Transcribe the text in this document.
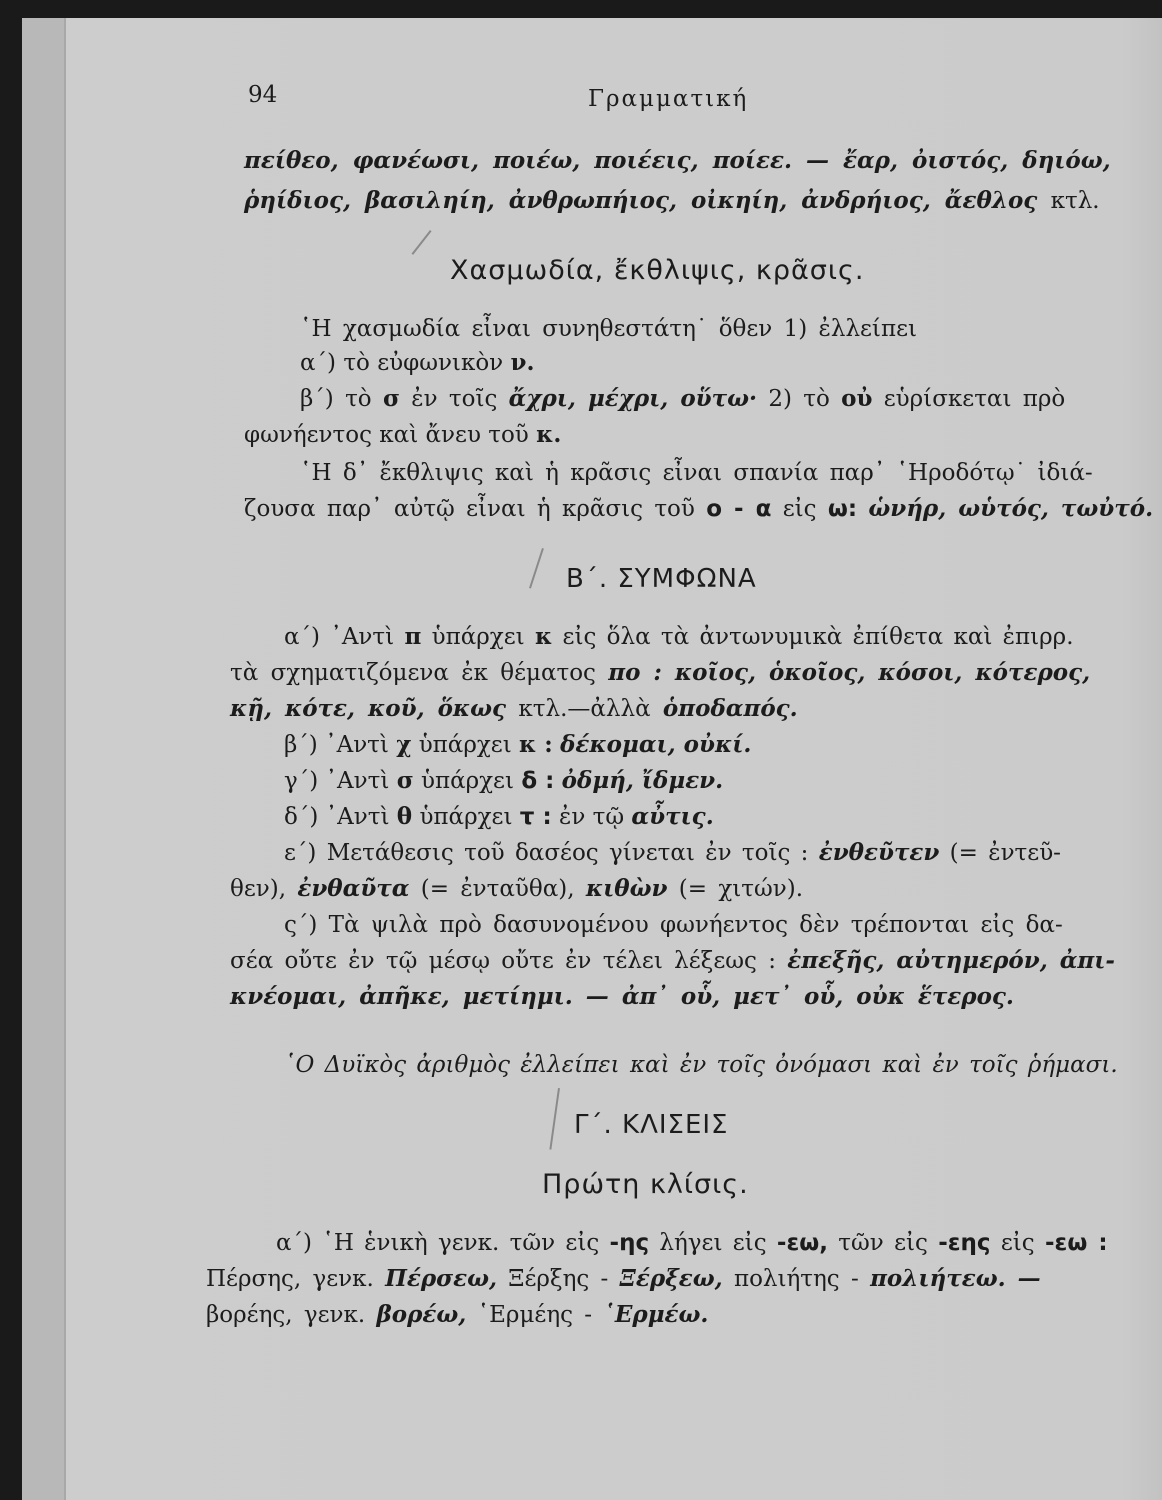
94	Γραμματική
πείθεο, φανέωσι, ποιέω, ποιέεις, ποίεε. — ἔαρ, ὀιστός, δηιόω,
ῥηίδιος, βασιληίη, ἀνθρωπήιος, οἰκηίη, ἀνδρήιος, ἄεθλος κτλ.
Χασμωδία, ἔκθλιψις, κρᾶσις.
῾Η χασμωδία εἶναι συνηθεστάτη˙ ὅθεν 1) ἐλλείπει
α΄) τὸ εὐφωνικὸν ν.
β΄) τὸ σ ἐν τοῖς ἄχρι, μέχρι, οὕτω· 2) τὸ οὐ εὑρίσκεται πρὸ
φωνήεντος καὶ ἄνευ τοῦ κ.
῾Η δ᾽ ἔκθλιψις καὶ ἡ κρᾶσις εἶναι σπανία παρ᾽ ῾Ηροδότῳ˙ ἰδιά-
ζουσα παρ᾽ αὐτῷ εἶναι ἡ κρᾶσις τοῦ ο - α εἰς ω: ὡνήρ, ωὑτός, τωὐτό.
Β΄. ΣΥΜΦΩΝΑ
α΄) ᾿Αντὶ π ὑπάρχει κ εἰς ὅλα τὰ ἀντωνυμικὰ ἐπίθετα καὶ ἐπιρρ.
τὰ σχηματιζόμενα ἐκ θέματος πο : κοῖος, ὁκοῖος, κόσοι, κότερος,
κῇ, κότε, κοῦ, ὅκως κτλ.—ἀλλὰ ὁποδαπός.
β΄) ᾿Αντὶ χ ὑπάρχει κ : δέκομαι, οὐκί.
γ΄) ᾿Αντὶ σ ὑπάρχει δ : ὀδμή, ἴδμεν.
δ΄) ᾿Αντὶ θ ὑπάρχει τ : ἐν τῷ αὖτις.
ε΄) Μετάθεσις τοῦ δασέος γίνεται ἐν τοῖς : ἐνθεῦτεν (= ἐντεῦ-
θεν), ἐνθαῦτα (= ἐνταῦθα), κιθὼν (= χιτών).
ς΄) Τὰ ψιλὰ πρὸ δασυνομένου φωνήεντος δὲν τρέπονται εἰς δα-
σέα οὔτε ἐν τῷ μέσῳ οὔτε ἐν τέλει λέξεως : ἐπεξῆς, αὐτημερόν, ἀπι-
κνέομαι, ἀπῆκε, μετίημι. — ἀπ᾽ οὗ, μετ᾽ οὗ, οὐκ ἕτερος.
῾Ο Δυϊκὸς ἀριθμὸς ἐλλείπει καὶ ἐν τοῖς ὀνόμασι καὶ ἐν τοῖς ῥήμασι.
Γ΄. ΚΛΙΣΕΙΣ
Πρώτη κλίσις.
α΄) ῾Η ἑνικὴ γενκ. τῶν εἰς -ης λήγει εἰς -εω, τῶν εἰς -εης εἰς -εω :
Πέρσης, γενκ. Πέρσεω, Ξέρξης - Ξέρξεω, πολιήτης - πολιήτεω. —
βορέης, γενκ. βορέω, ῾Ερμέης - ῾Ερμέω.
